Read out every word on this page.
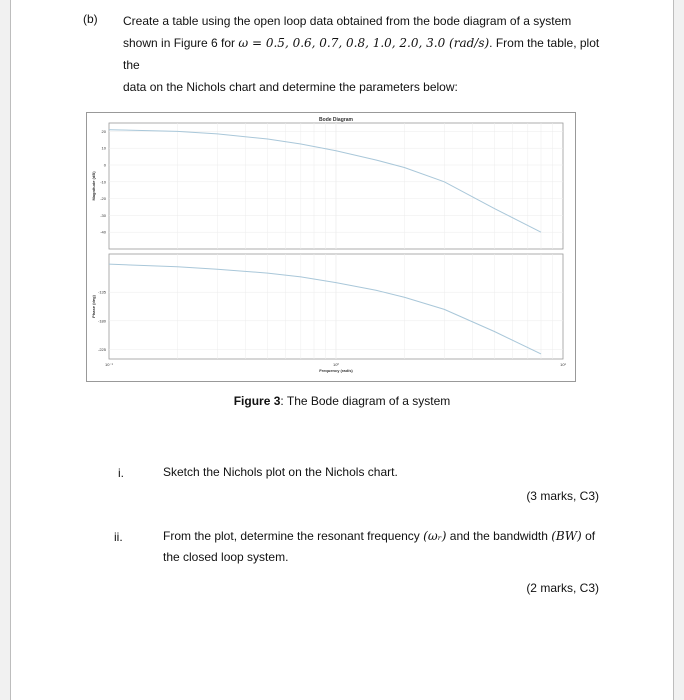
(b) Create a table using the open loop data obtained from the bode diagram of a system
shown in Figure 6 for ω = 0.5, 0.6, 0.7, 0.8, 1.0, 2.0, 3.0 (rad/s). From the table, plot the
data on the Nichols chart and determine the parameters below:
Bode Diagram
20
10
0
-10
-20
-30
-40
Magnitude (dB)
-135
-180
-225
Phase (deg)
10⁻¹	10⁰	10¹
Frequency (rad/s)
Figure 3: The Bode diagram of a system
i.	Sketch the Nichols plot on the Nichols chart.
(3 marks, C3)
ii.	From the plot, determine the resonant frequency (ωᵣ) and the bandwidth (BW) of
the closed loop system.
(2 marks, C3)
